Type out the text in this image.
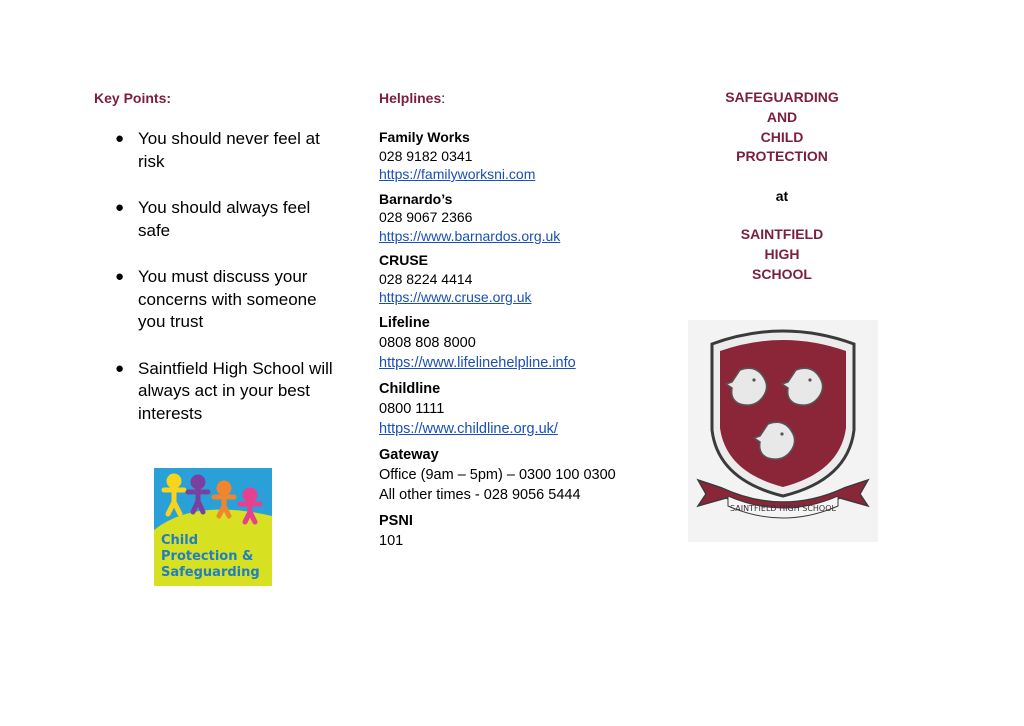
Key Points:
● You should never feel at risk
● You should always feel safe
● You must discuss your concerns with someone you trust
● Saintfield High School will always act in your best interests
Child
Protection &
Safeguarding
Helplines:
Family Works
028 9182 0341
https://familyworksni.com
Barnardo’s
028 9067 2366
https://www.barnardos.org.uk
CRUSE
028 8224 4414
https://www.cruse.org.uk
Lifeline
0808 808 8000
https://www.lifelinehelpline.info
Childline
0800 1111
https://www.childline.org.uk/
Gateway
Office (9am – 5pm) – 0300 100 0300
All other times - 028 9056 5444
PSNI
101
SAFEGUARDING
AND
CHILD
PROTECTION
at
SAINTFIELD
HIGH
SCHOOL
SAINTFIELD HIGH SCHOOL
